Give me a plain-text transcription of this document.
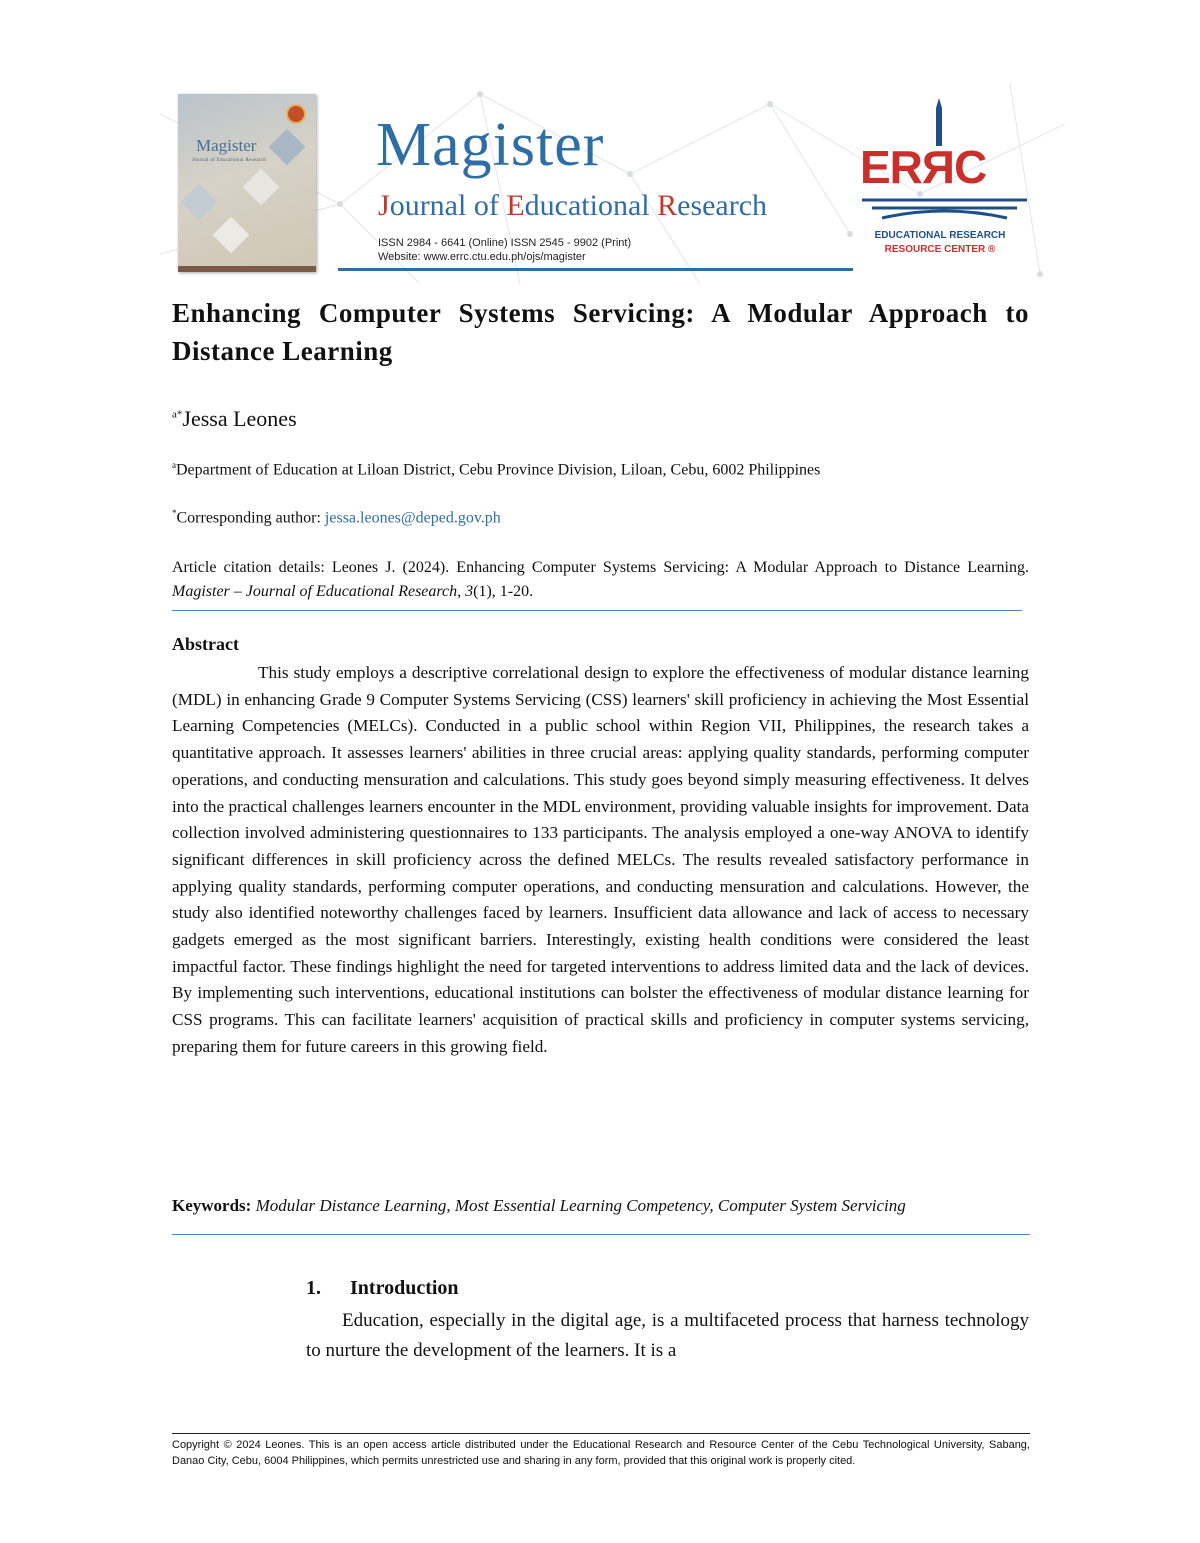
Magister
Journal of Educational Research Magister
Journal of Educational Research
ISSN 2984 - 6641 (Online) ISSN 2545 - 9902 (Print)
Website: www.errc.ctu.edu.ph/ojs/magister
ERЯC
EDUCATIONAL RESEARCH
RESOURCE CENTER ®
Enhancing Computer Systems Servicing: A Modular Approach to Distance Learning
$^{a*}$Jessa Leones
$^a$Department of Education at Liloan District, Cebu Province Division, Liloan, Cebu, 6002 Philippines
*Corresponding author: jessa.leones@deped.gov.ph
Article citation details: Leones J. (2024). Enhancing Computer Systems Servicing: A Modular Approach to Distance Learning. Magister – Journal of Educational Research, 3(1), 1-20.
Abstract

This study employs a descriptive correlational design to explore the effectiveness of modular distance learning (MDL) in enhancing Grade 9 Computer Systems Servicing (CSS) learners' skill proficiency in achieving the Most Essential Learning Competencies (MELCs). Conducted in a public school within Region VII, Philippines, the research takes a quantitative approach. It assesses learners' abilities in three crucial areas: applying quality standards, performing computer operations, and conducting mensuration and calculations. This study goes beyond simply measuring effectiveness. It delves into the practical challenges learners encounter in the MDL environment, providing valuable insights for improvement. Data collection involved administering questionnaires to 133 participants. The analysis employed a one-way ANOVA to identify significant differences in skill proficiency across the defined MELCs. The results revealed satisfactory performance in applying quality standards, performing computer operations, and conducting mensuration and calculations. However, the study also identified noteworthy challenges faced by learners. Insufficient data allowance and lack of access to necessary gadgets emerged as the most significant barriers. Interestingly, existing health conditions were considered the least impactful factor. These findings highlight the need for targeted interventions to address limited data and the lack of devices. By implementing such interventions, educational institutions can bolster the effectiveness of modular distance learning for CSS programs. This can facilitate learners' acquisition of practical skills and proficiency in computer systems servicing, preparing them for future careers in this growing field.

Keywords: Modular Distance Learning, Most Essential Learning Competency, Computer System Servicing
1. Introduction

Education, especially in the digital age, is a multifaceted process that harness technology to nurture the development of the learners. It is a

Copyright © 2024 Leones. This is an open access article distributed under the Educational Research and Resource Center of the Cebu Technological University, Sabang, Danao City, Cebu, 6004 Philippines, which permits unrestricted use and sharing in any form, provided that this original work is properly cited.
